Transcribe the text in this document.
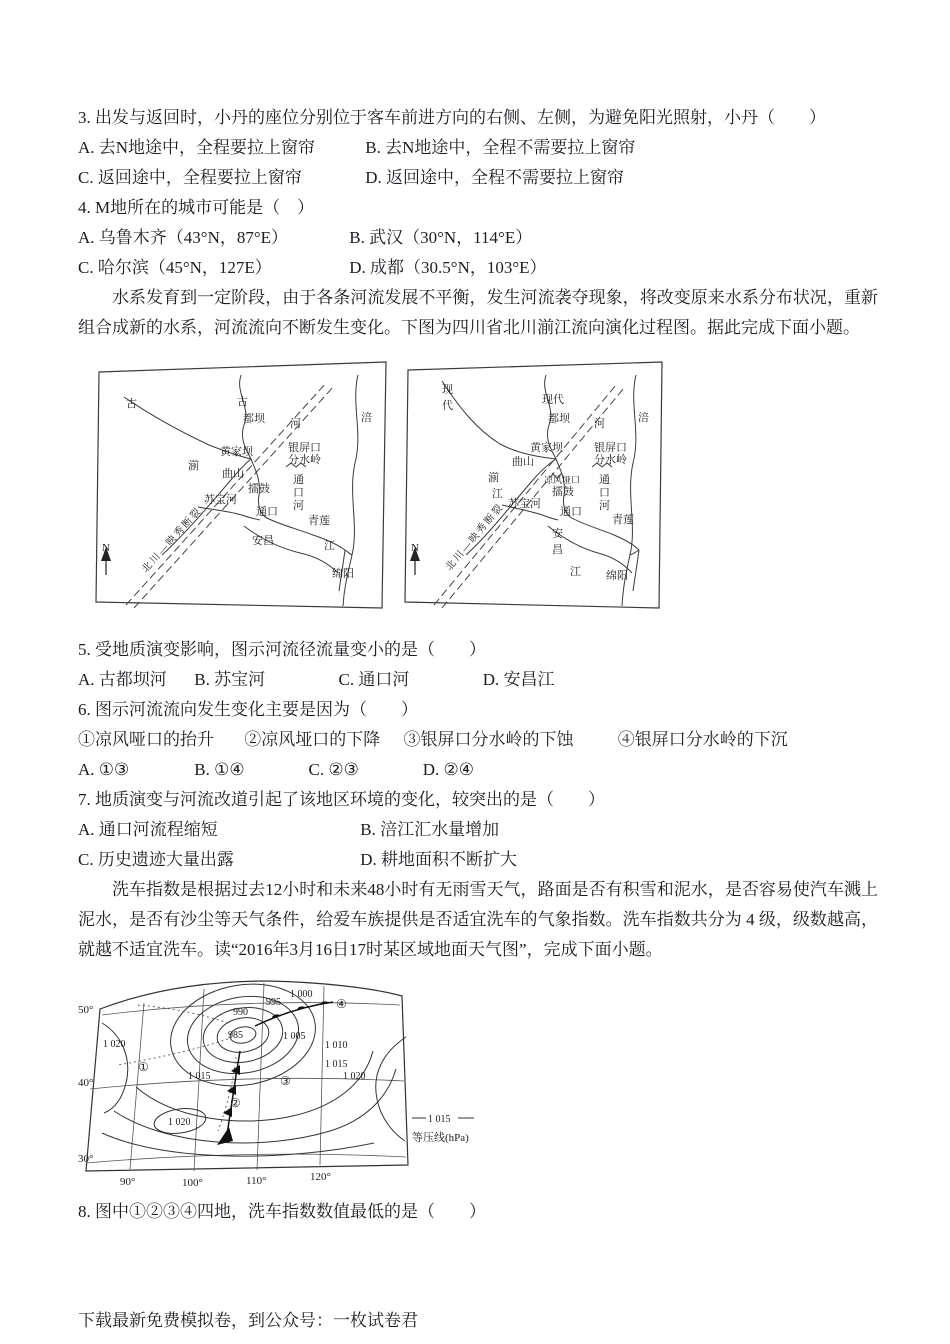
3. 出发与返回时，小丹的座位分别位于客车前进方向的右侧、左侧，为避免阳光照射，小丹（　　）
A. 去N地途中，全程要拉上窗帘	B. 去N地途中，全程不需要拉上窗帘
C. 返回途中，全程要拉上窗帘	D. 返回途中，全程不需要拉上窗帘
4. M地所在的城市可能是（　）
A. 乌鲁木齐（43°N，87°E）	B. 武汉（30°N，114°E）
C. 哈尔滨（45°N，127E）	D. 成都（30.5°N，103°E）

水系发育到一定阶段，由于各条河流发展不平衡，发生河流袭夺现象，将改变原来水系分布状况，重新组合成新的水系，河流流向不断发生变化。下图为四川省北川湔江流向演化过程图。据此完成下面小题。

古	古
都坝 河	涪
黄家坝	银屏口
分水岭
曲山
湔
擂鼓
通
口
河
苏宝河
通口
青莲
安昌	江
绵阳
北川—映秀断裂
N
现
代	现代
都坝 河	涪
黄家坝	银屏口
分水岭
曲山
湔
江
凉风垭口
擂鼓
苏宝河
通
口
河
通口
青莲
安
昌
江 绵阳
北川—映秀断裂
N
5. 受地质演变影响，图示河流径流量变小的是（　　）
A. 古都坝河 B. 苏宝河	C. 通口河	D. 安昌江
6. 图示河流流向发生变化主要是因为（　　）
①凉风哑口的抬升 ②凉风垭口的下降 ③银屏口分水岭的下蚀	④银屏口分水岭的下沉
A. ①③	B. ①④	C. ②③	D. ②④
7. 地质演变与河流改道引起了该地区环境的变化，较突出的是（　　）
A. 通口河流程缩短	B. 涪江汇水量增加
C. 历史遗迹大量出露	D. 耕地面积不断扩大

洗车指数是根据过去12小时和未来48小时有无雨雪天气，路面是否有积雪和泥水，是否容易使汽车溅上泥水，是否有沙尘等天气条件，给爱车族提供是否适宜洗车的气象指数。洗车指数共分为 4 级，级数越高，就越不适宜洗车。读“2016年3月16日17时某区域地面天气图”，完成下面小题。

985
990
995
1 000
1 005
1 010
1 015
1 015
1 020
1 020
1 020
①
②
③
④
50°
40°
30°
90°	100°	110°	120°
1 015
等压线(hPa)
8. 图中①②③④四地，洗车指数数值最低的是（　　）
下载最新免费模拟卷，到公众号：一枚试卷君
